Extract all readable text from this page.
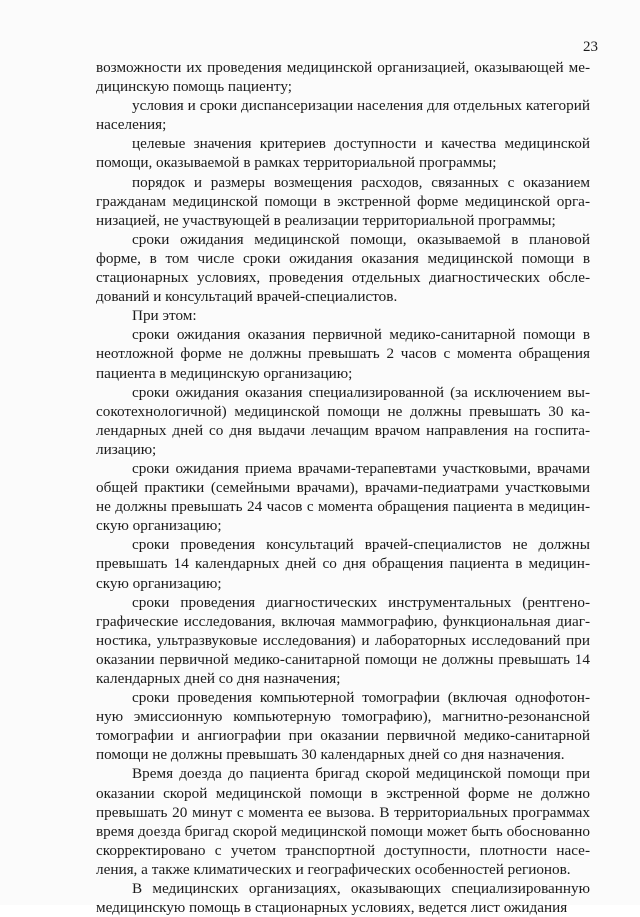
23

возможности их проведения медицинской организацией, оказывающей медицинскую помощь пациенту;

условия и сроки диспансеризации населения для отдельных категорий населения;

целевые значения критериев доступности и качества медицинской помощи, оказываемой в рамках территориальной программы;

порядок и размеры возмещения расходов, связанных с оказанием гражданам медицинской помощи в экстренной форме медицинской организацией, не участвующей в реализации территориальной программы;

сроки ожидания медицинской помощи, оказываемой в плановой форме, в том числе сроки ожидания оказания медицинской помощи в стационарных условиях, проведения отдельных диагностических обследований и консультаций врачей-специалистов.

При этом:

сроки ожидания оказания первичной медико-санитарной помощи в неотложной форме не должны превышать 2 часов с момента обращения пациента в медицинскую организацию;

сроки ожидания оказания специализированной (за исключением высокотехнологичной) медицинской помощи не должны превышать 30 календарных дней со дня выдачи лечащим врачом направления на госпитализацию;

сроки ожидания приема врачами-терапевтами участковыми, врачами общей практики (семейными врачами), врачами-педиатрами участковыми не должны превышать 24 часов с момента обращения пациента в медицинскую организацию;

сроки проведения консультаций врачей-специалистов не должны превышать 14 календарных дней со дня обращения пациента в медицинскую организацию;

сроки проведения диагностических инструментальных (рентгенографические исследования, включая маммографию, функциональная диагностика, ультразвуковые исследования) и лабораторных исследований при оказании первичной медико-санитарной помощи не должны превышать 14 календарных дней со дня назначения;

сроки проведения компьютерной томографии (включая однофотонную эмиссионную компьютерную томографию), магнитно-резонансной томографии и ангиографии при оказании первичной медико-санитарной помощи не должны превышать 30 календарных дней со дня назначения.

Время доезда до пациента бригад скорой медицинской помощи при оказании скорой медицинской помощи в экстренной форме не должно превышать 20 минут с момента ее вызова. В территориальных программах время доезда бригад скорой медицинской помощи может быть обоснованно скорректировано с учетом транспортной доступности, плотности населения, а также климатических и географических особенностей регионов.

В медицинских организациях, оказывающих специализированную медицинскую помощь в стационарных условиях, ведется лист ожидания
